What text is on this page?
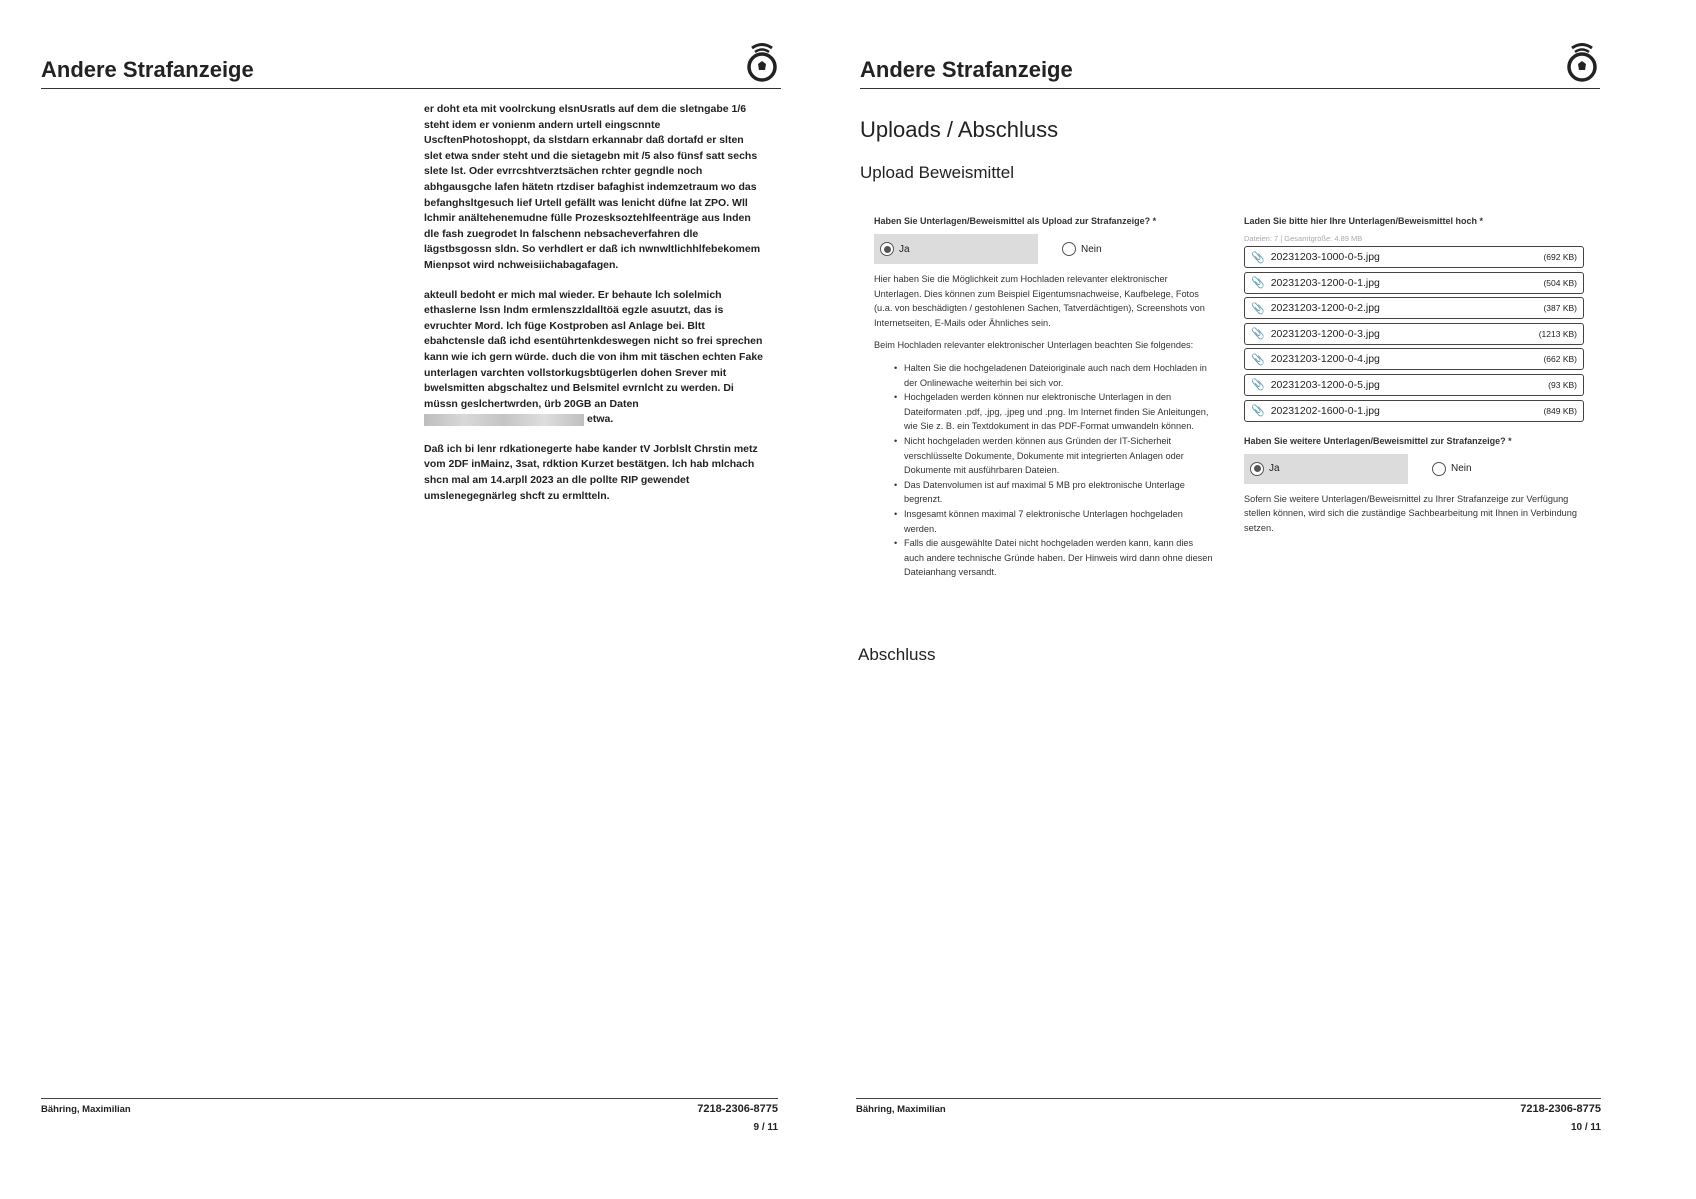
Andere Strafanzeige

er doht eta mit voolrckung elsnUsratls auf dem die sletngabe 1/6 steht idem er vonienm andern urtell eingscnnte UscftenPhotoshoppt, da slstdarn erkannabr daß dortafd er slten slet etwa snder steht und die sietagebn mit /5 also fünsf satt sechs slete lst. Oder evrrcshtverztsächen rchter gegndle noch abhgausgche lafen hätetn rtzdiser bafaghist indemzetraum wo das befanghsltgesuch lief Urtell gefällt was lenicht düfne lat ZPO. Wll lchmir anältehenemudne fülle Prozesksoztehlfeenträge aus lnden dle fash zuegrodet ln falschenn nebsacheverfahren dle lägstbsgossn sldn. So verhdlert er daß ich nwnwltlichhlfebekomem Mienpsot wird nchweisiichabagafagen.

akteull bedoht er mich mal wieder. Er behaute lch solelmich ethaslerne lssn lndm ermlenszzldalltöä egzle asuutzt, das is evruchter Mord. lch füge Kostproben asl Anlage bei. Bltt ebahctensle daß ichd esentührtenkdeswegen nicht so frei sprechen kann wie ich gern würde. duch die von ihm mit täschen echten Fake unterlagen varchten vollstorkugsbtügerlen dohen Srever mit bwelsmitten abgschaltez und Belsmitel evrnlcht zu werden. Di müssn geslchertwrden, ürb 20GB an Daten
etwa.

Daß ich bi lenr rdkationegerte habe kander tV Jorblslt Chrstin metz vom 2DF inMainz, 3sat, rdktion Kurzet bestätgen. lch hab mlchach shcn mal am 14.arpll 2023 an dle pollte RIP gewendet umslenegegnärleg shcft zu ermltteln.

Bähring, Maximilian	7218-2306-8775
9 / 11
Andere Strafanzeige
Uploads / Abschluss
Upload Beweismittel
Haben Sie Unterlagen/Beweismittel als Upload zur Strafanzeige? *
Ja	Nein
Hier haben Sie die Möglichkeit zum Hochladen relevanter elektronischer Unterlagen. Dies können zum Beispiel Eigentumsnachweise, Kaufbelege, Fotos (u.a. von beschädigten / gestohlenen Sachen, Tatverdächtigen), Screenshots von Internetseiten, E-Mails oder Ähnliches sein.
Beim Hochladen relevanter elektronischer Unterlagen beachten Sie folgendes:
• Halten Sie die hochgeladenen Dateioriginale auch nach dem Hochladen in der Onlinewache weiterhin bei sich vor.
• Hochgeladen werden können nur elektronische Unterlagen in den Dateiformaten .pdf, .jpg, .jpeg und .png. Im Internet finden Sie Anleitungen, wie Sie z. B. ein Textdokument in das PDF-Format umwandeln können.
• Nicht hochgeladen werden können aus Gründen der IT-Sicherheit verschlüsselte Dokumente, Dokumente mit integrierten Anlagen oder Dokumente mit ausführbaren Dateien.
• Das Datenvolumen ist auf maximal 5 MB pro elektronische Unterlage begrenzt.
• Insgesamt können maximal 7 elektronische Unterlagen hochgeladen werden.
• Falls die ausgewählte Datei nicht hochgeladen werden kann, kann dies auch andere technische Gründe haben. Der Hinweis wird dann ohne diesen Dateianhang versandt.
Laden Sie bitte hier Ihre Unterlagen/Beweismittel hoch *
Dateien: 7 | Gesamtgröße: 4.89 MB
📎 20231203-1000-0-5.jpg	(692 KB)
📎 20231203-1200-0-1.jpg	(504 KB)
📎 20231203-1200-0-2.jpg	(387 KB)
📎 20231203-1200-0-3.jpg	(1213 KB)
📎 20231203-1200-0-4.jpg	(662 KB)
📎 20231203-1200-0-5.jpg	(93 KB)
📎 20231202-1600-0-1.jpg	(849 KB)
Haben Sie weitere Unterlagen/Beweismittel zur Strafanzeige? *
Ja	Nein
Sofern Sie weitere Unterlagen/Beweismittel zu Ihrer Strafanzeige zur Verfügung stellen können, wird sich die zuständige Sachbearbeitung mit Ihnen in Verbindung setzen.
Abschluss
Bähring, Maximilian	7218-2306-8775
10 / 11
